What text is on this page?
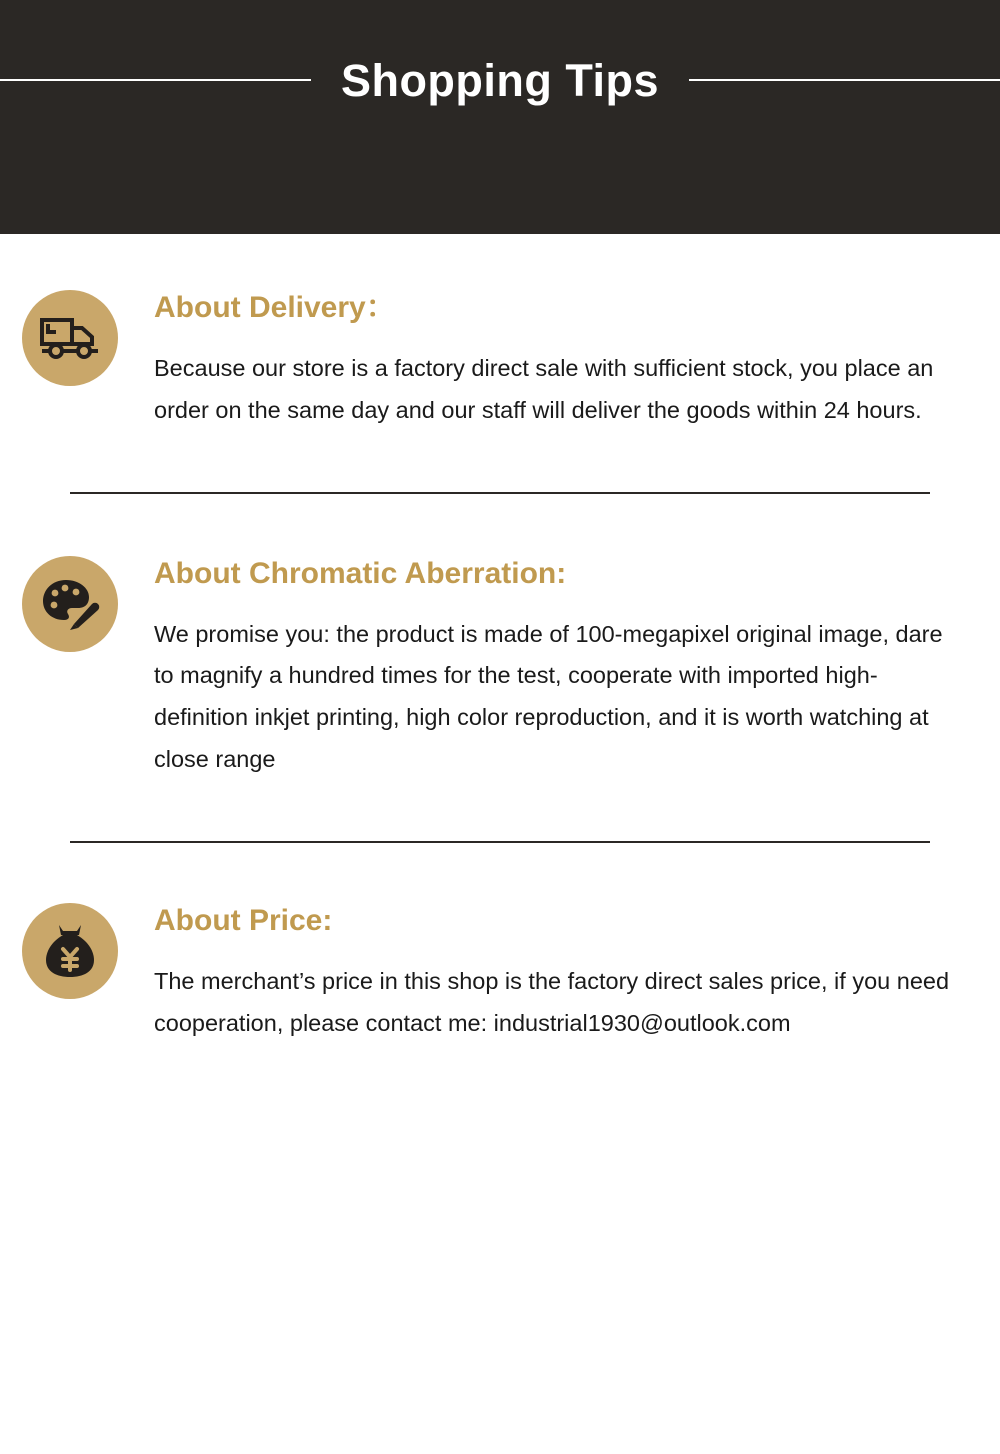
Shopping Tips
About Delivery：
Because our store is a factory direct sale with sufficient stock, you place an order on the same day and our staff will deliver the goods within 24 hours.
About Chromatic Aberration:
We promise you: the product is made of 100-megapixel original image, dare to magnify a hundred times for the test, cooperate with imported high-definition inkjet printing, high color reproduction, and it is worth watching at close range
About Price:
The merchant’s price in this shop is the factory direct sales price, if you need cooperation, please contact me: industrial1930@outlook.com
